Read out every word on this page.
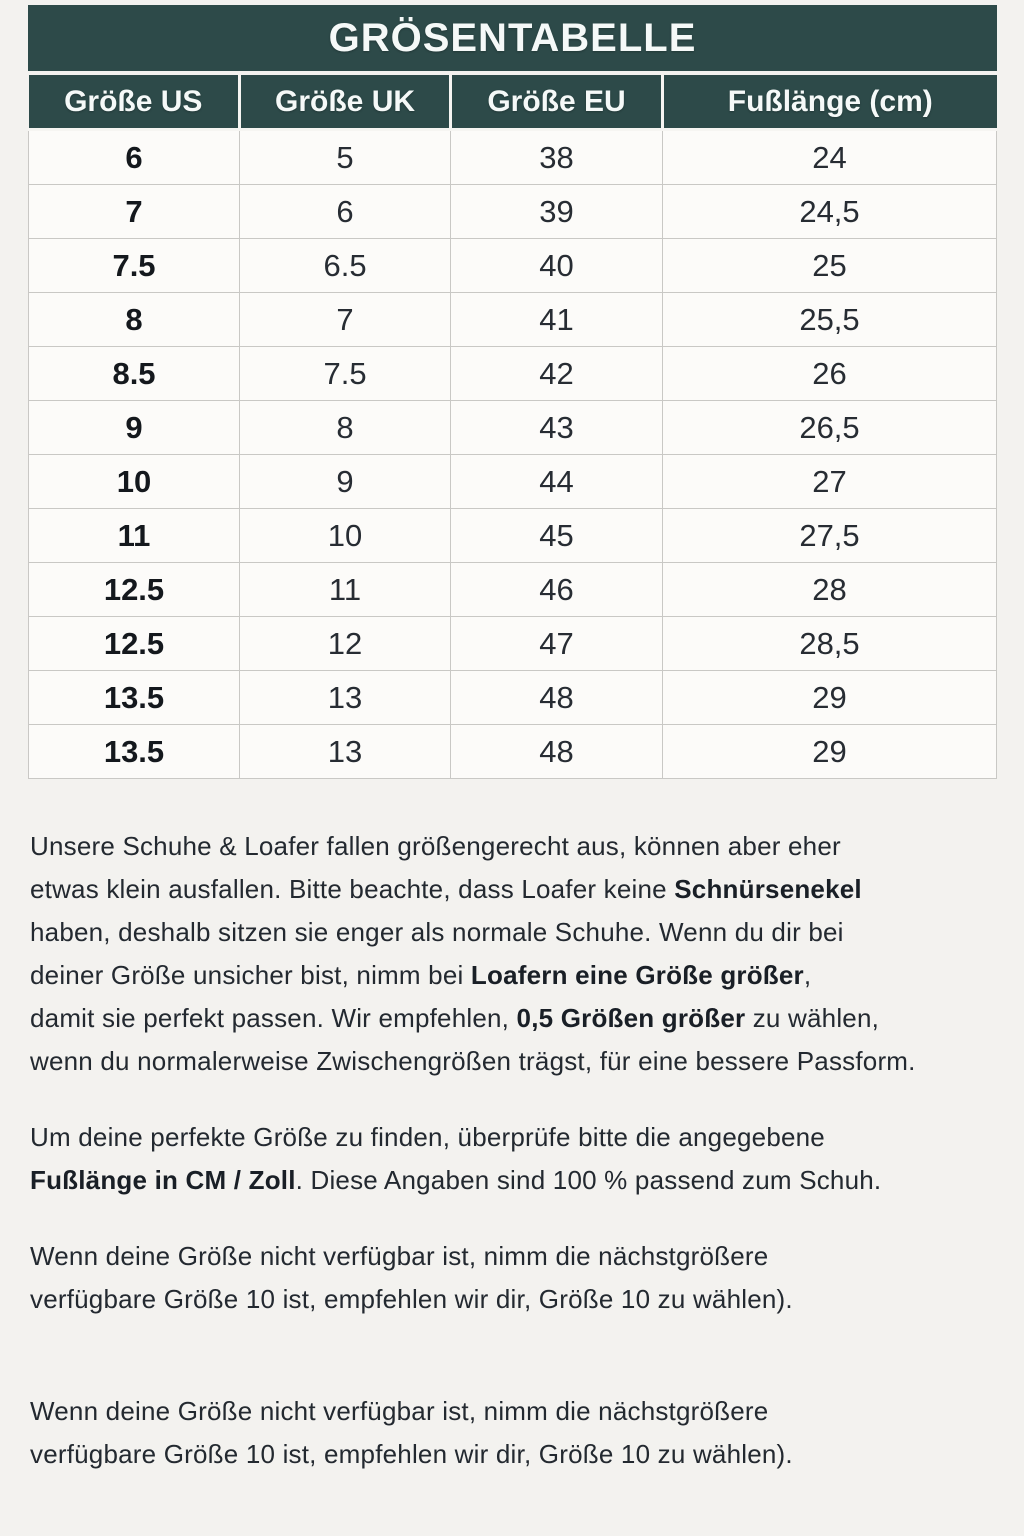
GRÖSENTABELLE
Größe US	Größe UK	Größe EU	Fußlänge (cm)
6	5	38	24
7	6	39	24,5
7.5	6.5	40	25
8	7	41	25,5
8.5	7.5	42	26
9	8	43	26,5
10	9	44	27
11	10	45	27,5
12.5	11	46	28
12.5	12	47	28,5
13.5	13	48	29
13.5	13	48	29

Unsere Schuhe & Loafer fallen größengerecht aus, können aber eher
etwas klein ausfallen. Bitte beachte, dass Loafer keine Schnürsenekel
haben, deshalb sitzen sie enger als normale Schuhe. Wenn du dir bei
deiner Größe unsicher bist, nimm bei Loafern eine Größe größer,
damit sie perfekt passen. Wir empfehlen, 0,5 Größen größer zu wählen,
wenn du normalerweise Zwischengrößen trägst, für eine bessere Passform.

Um deine perfekte Größe zu finden, überprüfe bitte die angegebene
Fußlänge in CM / Zoll. Diese Angaben sind 100 % passend zum Schuh.

Wenn deine Größe nicht verfügbar ist, nimm die nächstgrößere
verfügbare Größe 10 ist, empfehlen wir dir, Größe 10 zu wählen).

Wenn deine Größe nicht verfügbar ist, nimm die nächstgrößere
verfügbare Größe 10 ist, empfehlen wir dir, Größe 10 zu wählen).
